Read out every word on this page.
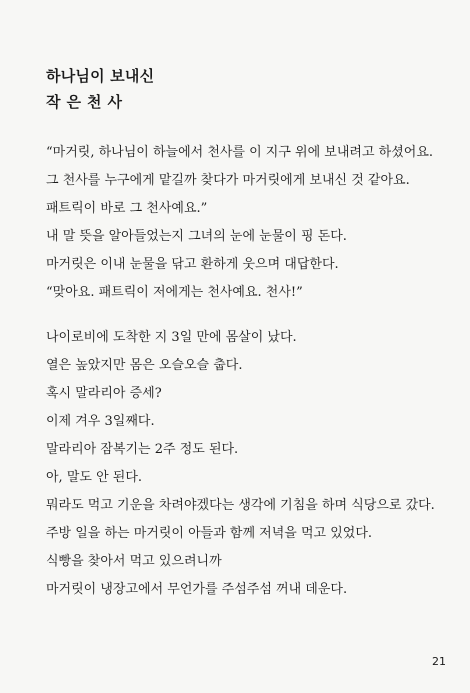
하나님이 보내신
작 은 천 사

“마거릿, 하나님이 하늘에서 천사를 이 지구 위에 보내려고 하셨어요.

그 천사를 누구에게 맡길까 찾다가 마거릿에게 보내신 것 같아요.

패트릭이 바로 그 천사예요.”

내 말 뜻을 알아들었는지 그녀의 눈에 눈물이 핑 돈다.

마거릿은 이내 눈물을 닦고 환하게 웃으며 대답한다.

“맞아요. 패트릭이 저에게는 천사예요. 천사!”

나이로비에 도착한 지 3일 만에 몸살이 났다.

열은 높았지만 몸은 오슬오슬 춥다.

혹시 말라리아 증세?

이제 겨우 3일째다.

말라리아 잠복기는 2주 정도 된다.

아, 말도 안 된다.

뭐라도 먹고 기운을 차려야겠다는 생각에 기침을 하며 식당으로 갔다.

주방 일을 하는 마거릿이 아들과 함께 저녁을 먹고 있었다.

식빵을 찾아서 먹고 있으려니까

마거릿이 냉장고에서 무언가를 주섬주섬 꺼내 데운다.

21
